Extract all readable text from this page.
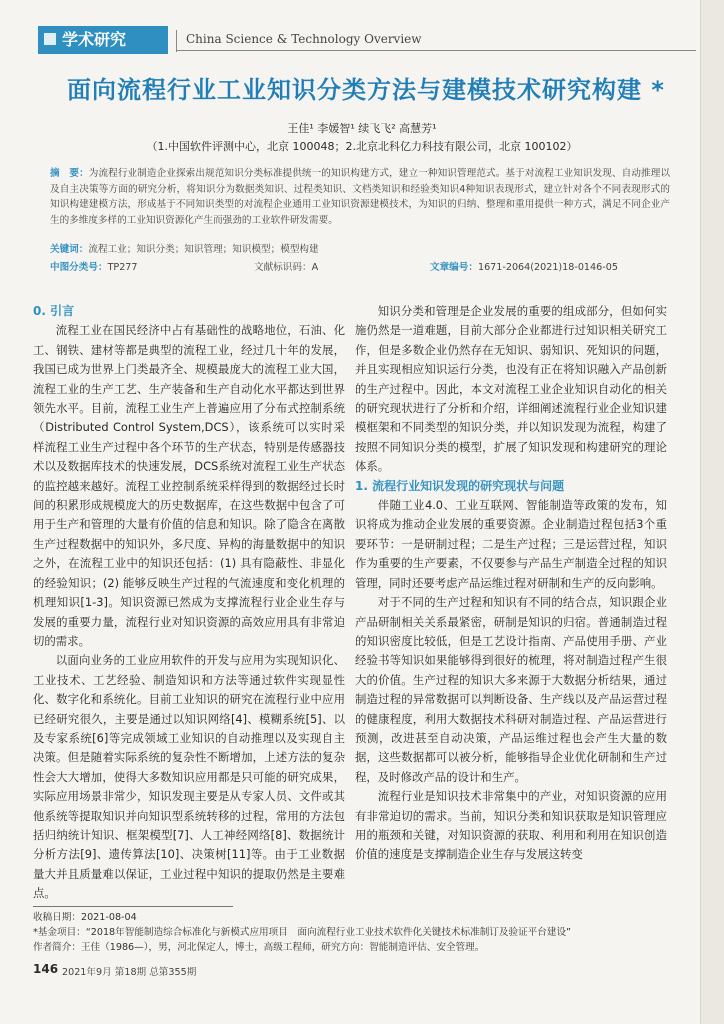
学术研究	China Science & Technology Overview
面向流程行业工业知识分类方法与建模技术研究构建 *
王佳¹ 李媛智¹ 续飞飞² 高慧芳¹
（1.中国软件评测中心，北京 100048；2.北京北科亿力科技有限公司，北京 100102）
摘　要：为流程行业制造企业探索出规范知识分类标准提供统一的知识构建方式，建立一种知识管理范式。基于对流程工业知识发现、自动推理以及自主决策等方面的研究分析，将知识分为数据类知识、过程类知识、文档类知识和经验类知识4种知识表现形式，建立针对各个不同表现形式的知识构建建模方法，形成基于不同知识类型的对流程企业通用工业知识资源建模技术，为知识的归纳、整理和重用提供一种方式，满足不同企业产生的多维度多样的工业知识资源化产生而强劲的工业软件研发需要。
关键词：流程工业；知识分类；知识管理；知识模型；模型构建
中图分类号：TP277	文献标识码：A	文章编号：1671-2064(2021)18-0146-05
0. 引言
流程工业在国民经济中占有基础性的战略地位，石油、化工、钢铁、建材等都是典型的流程工业，经过几十年的发展，我国已成为世界上门类最齐全、规模最庞大的流程工业大国，流程工业的生产工艺、生产装备和生产自动化水平都达到世界领先水平。目前，流程工业生产上普遍应用了分布式控制系统（Distributed Control System,DCS），该系统可以实时采样流程工业生产过程中各个环节的生产状态，特别是传感器技术以及数据库技术的快速发展，DCS系统对流程工业生产状态的监控越来越好。流程工业控制系统采样得到的数据经过长时间的积累形成规模庞大的历史数据库，在这些数据中包含了可用于生产和管理的大量有价值的信息和知识。除了隐含在离散生产过程数据中的知识外，多尺度、异构的海量数据中的知识之外，在流程工业中的知识还包括：(1) 具有隐蔽性、非显化的经验知识；(2) 能够反映生产过程的气流速度和变化机理的机理知识[1-3]。知识资源已然成为支撑流程行业企业生存与发展的重要力量，流程行业对知识资源的高效应用具有非常迫切的需求。
以面向业务的工业应用软件的开发与应用为实现知识化、工业技术、工艺经验、制造知识和方法等通过软件实现显性化、数字化和系统化。目前工业知识的研究在流程行业中应用已经研究很久，主要是通过以知识网络[4]、模糊系统[5]、以及专家系统[6]等完成领域工业知识的自动推理以及实现自主决策。但是随着实际系统的复杂性不断增加，上述方法的复杂性会大大增加，使得大多数知识应用都是只可能的研究成果，实际应用场景非常少，知识发现主要是从专家人员、文件或其他系统等提取知识并向知识型系统转移的过程，常用的方法包括归纳统计知识、框架模型[7]、人工神经网络[8]、数据统计分析方法[9]、遗传算法[10]、决策树[11]等。由于工业数据量大并且质量难以保证，工业过程中知识的提取仍然是主要难点。
知识分类和管理是企业发展的重要的组成部分，但如何实施仍然是一道难题，目前大部分企业都进行过知识相关研究工作，但是多数企业仍然存在无知识、弱知识、死知识的问题，并且实现相应知识运行分类，也没有正在将知识融入产品创新的生产过程中。因此，本文对流程工业企业知识自动化的相关的研究现状进行了分析和介绍，详细阐述流程行业企业知识建模框架和不同类型的知识分类，并以知识发现为流程，构建了按照不同知识分类的模型，扩展了知识发现和构建研究的理论体系。
1. 流程行业知识发现的研究现状与问题
伴随工业4.0、工业互联网、智能制造等政策的发布，知识将成为推动企业发展的重要资源。企业制造过程包括3个重要环节：一是研制过程；二是生产过程；三是运营过程，知识作为重要的生产要素，不仅要参与产品生产制造全过程的知识管理，同时还要考虑产品运维过程对研制和生产的反向影响。
对于不同的生产过程和知识有不同的结合点，知识跟企业产品研制相关关系最紧密，研制是知识的归宿。普通制造过程的知识密度比较低，但是工艺设计指南、产品使用手册、产业经验书等知识如果能够得到很好的梳理，将对制造过程产生很大的价值。生产过程的知识大多来源于大数据分析结果，通过制造过程的异常数据可以判断设备、生产线以及产品运营过程的健康程度，利用大数据技术科研对制造过程、产品运营进行预测，改进甚至自动决策，产品运维过程也会产生大量的数据，这些数据都可以被分析，能够指导企业优化研制和生产过程，及时修改产品的设计和生产。
流程行业是知识技术非常集中的产业，对知识资源的应用有非常迫切的需求。当前，知识分类和知识获取是知识管理应用的瓶颈和关键，对知识资源的获取、利用和利用在知识创造价值的速度是支撑制造企业生存与发展这转变
收稿日期：2021-08-04
*基金项目：“2018年智能制造综合标准化与新模式应用项目　面向流程行业工业技术软件化关键技术标准制订及验证平台建设”
作者简介：王佳（1986—），男，河北保定人，博士，高级工程师，研究方向：智能制造评估、安全管理。
146 2021年9月 第18期 总第355期
